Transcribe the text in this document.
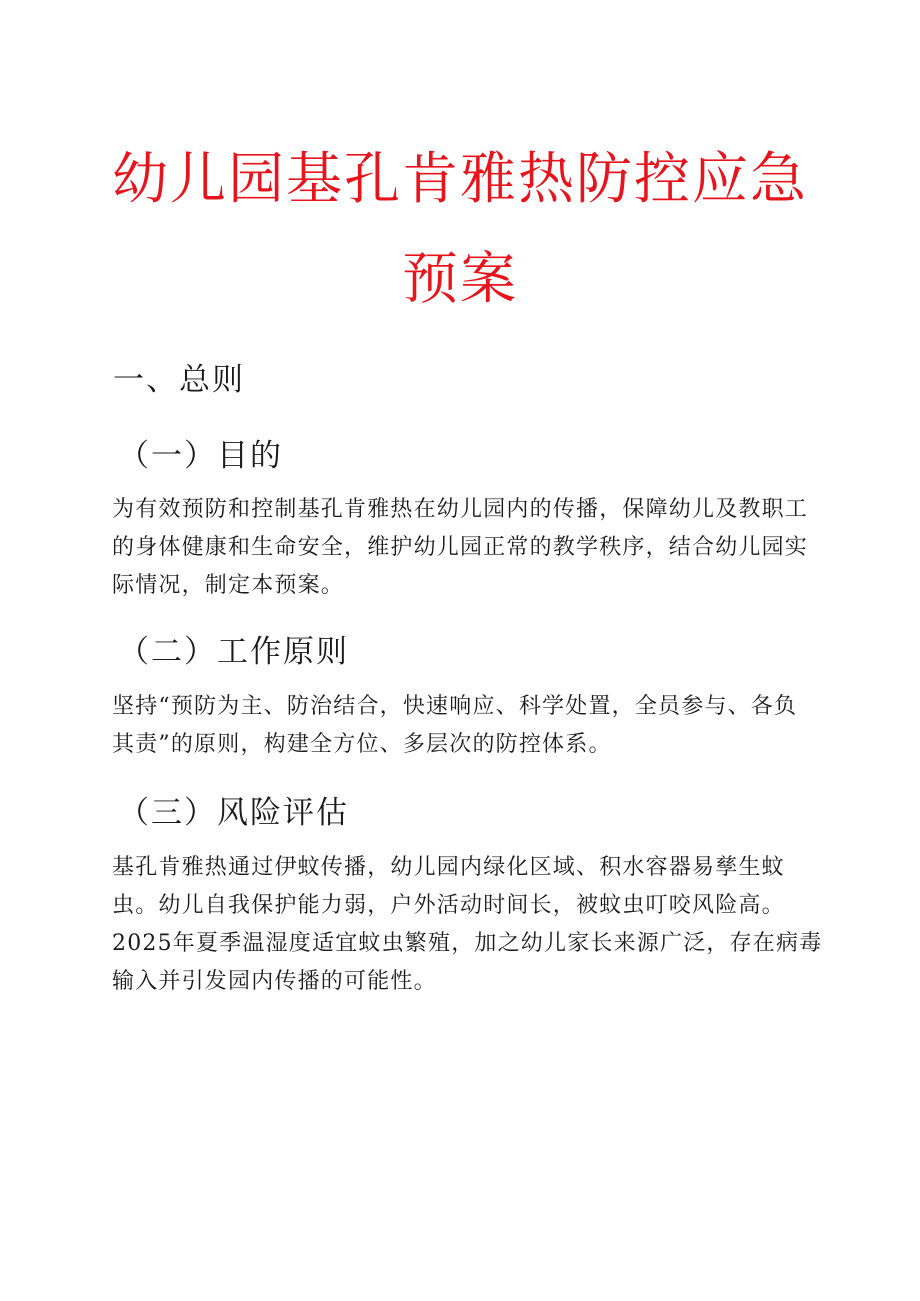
幼儿园基孔肯雅热防控应急
预案
一、总则
（一）目的
为有效预防和控制基孔肯雅热在幼儿园内的传播，保障幼儿及教职工
的身体健康和生命安全，维护幼儿园正常的教学秩序，结合幼儿园实
际情况，制定本预案。
（二）工作原则
坚持“预防为主、防治结合，快速响应、科学处置，全员参与、各负
其责”的原则，构建全方位、多层次的防控体系。
（三）风险评估
基孔肯雅热通过伊蚊传播，幼儿园内绿化区域、积水容器易孳生蚊
虫。幼儿自我保护能力弱，户外活动时间长，被蚊虫叮咬风险高。
2025年夏季温湿度适宜蚊虫繁殖，加之幼儿家长来源广泛，存在病毒
输入并引发园内传播的可能性。
